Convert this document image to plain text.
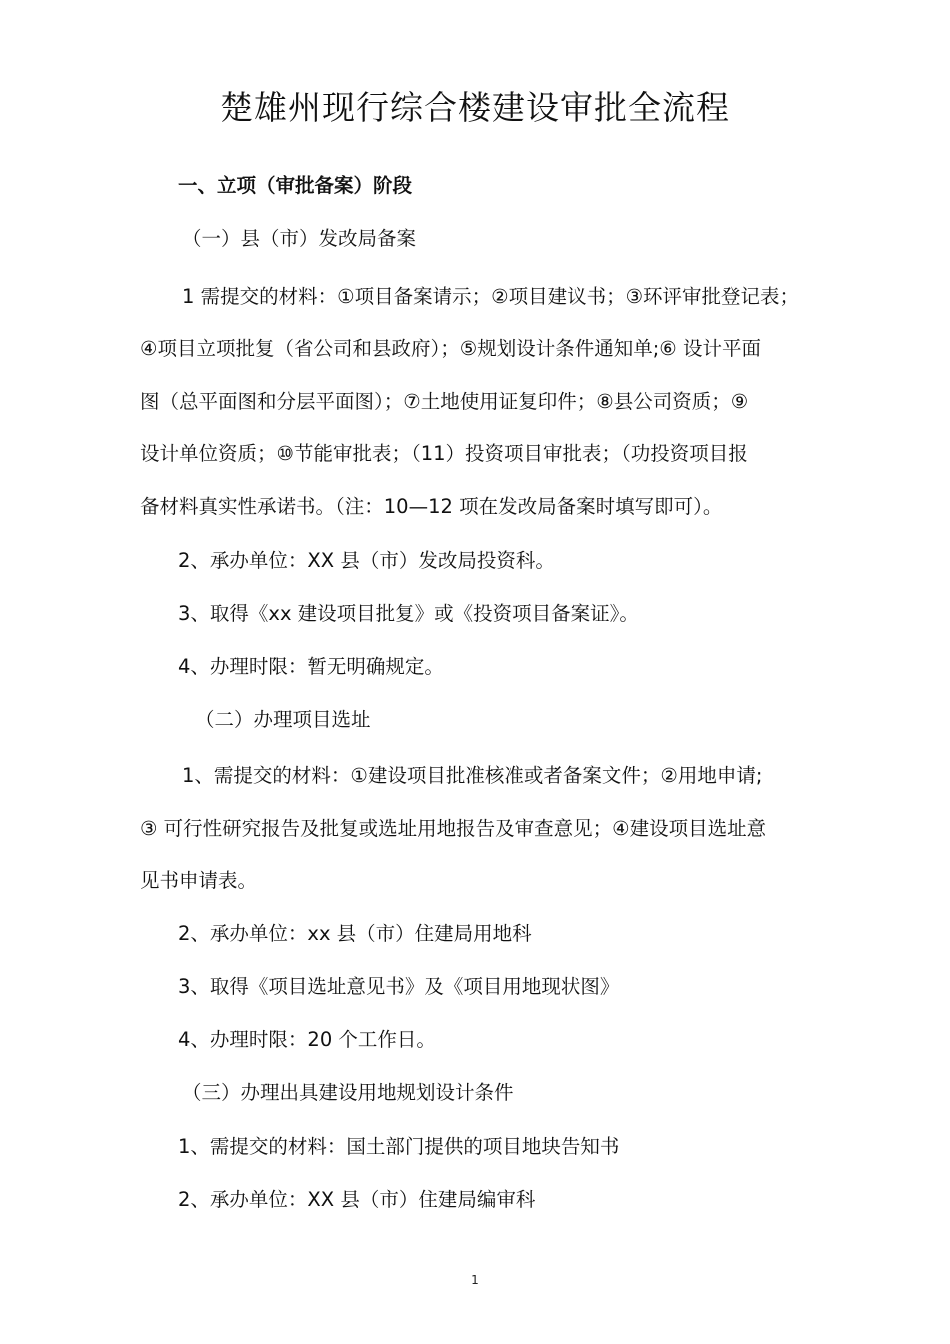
楚雄州现行综合楼建设审批全流程
一、立项（审批备案）阶段
（一）县（市）发改局备案
1 需提交的材料：①项目备案请示；②项目建议书；③环评审批登记表；
④项目立项批复（省公司和县政府）；⑤规划设计条件通知单;⑥ 设计平面
图（总平面图和分层平面图）；⑦土地使用证复印件；⑧县公司资质；⑨
设计单位资质；⑩节能审批表；（11）投资项目审批表；（功投资项目报
备材料真实性承诺书。（注：10—12 项在发改局备案时填写即可）。
2、承办单位：XX 县（市）发改局投资科。
3、取得《xx 建设项目批复》或《投资项目备案证》。
4、办理时限：暂无明确规定。
（二）办理项目选址
1、需提交的材料：①建设项目批准核准或者备案文件；②用地申请;
③ 可行性研究报告及批复或选址用地报告及审查意见；④建设项目选址意
见书申请表。
2、承办单位：xx 县（市）住建局用地科
3、取得《项目选址意见书》及《项目用地现状图》
4、办理时限：20 个工作日。
（三）办理出具建设用地规划设计条件
1、需提交的材料：国土部门提供的项目地块告知书
2、承办单位：XX 县（市）住建局编审科
1
